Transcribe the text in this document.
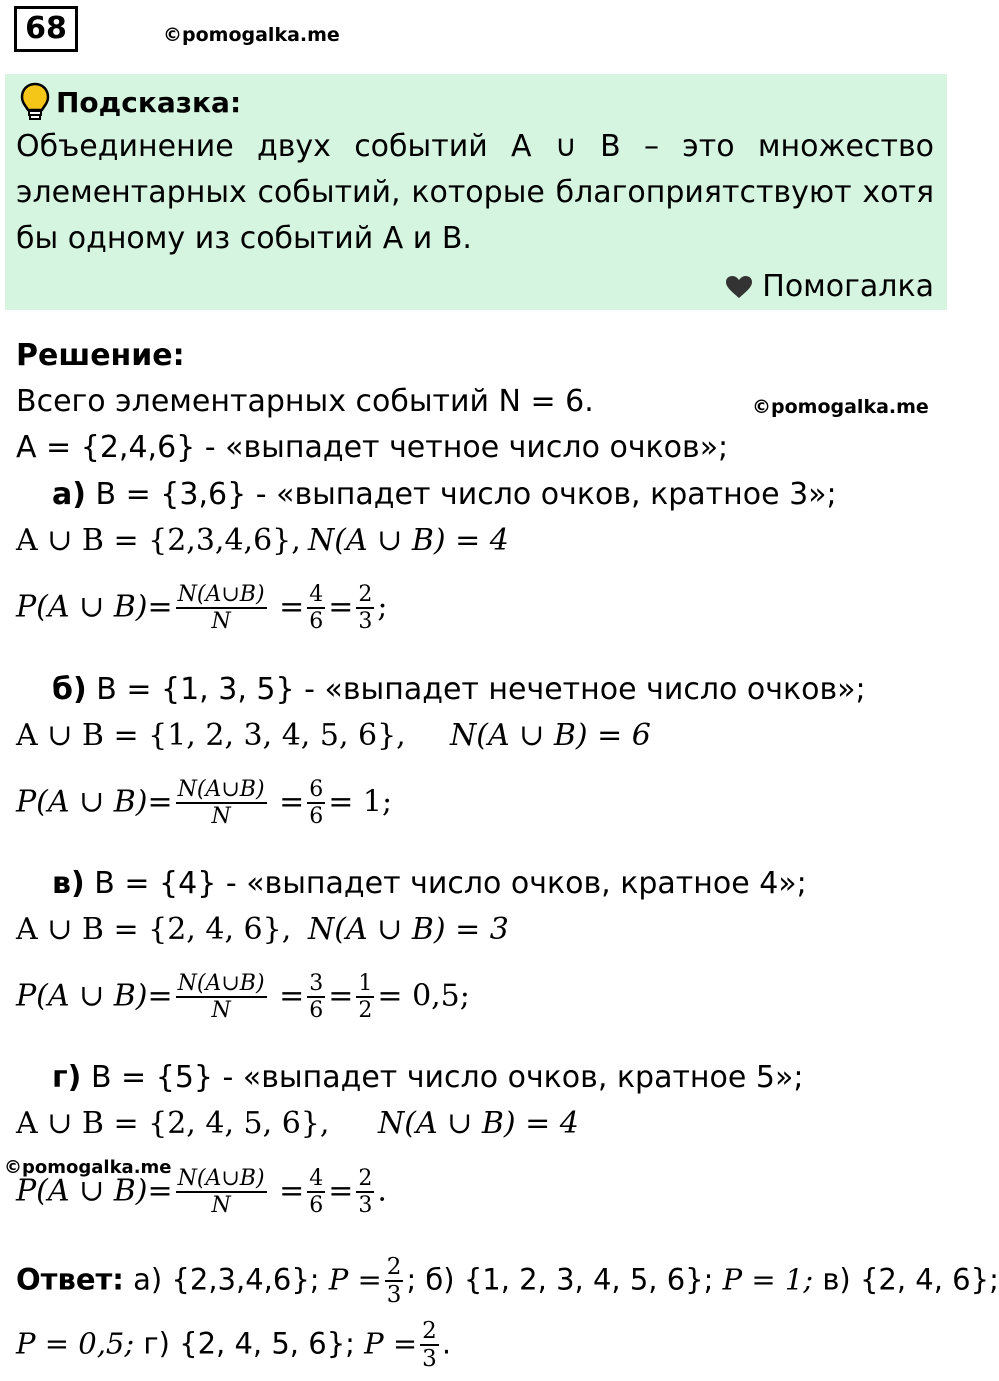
68	©pomogalka.me
Подсказка:
Объединение двух событий A ∪ B – это множество
элементарных событий, которые благоприятствуют хотя
бы одному из событий A и B.
Помогалка
Решение:
Всего элементарных событий N = 6.	©pomogalka.me
A = {2,4,6} - «выпадет четное число очков»;
а) B = {3,6} - «выпадет число очков, кратное 3»;
A ∪ B = {2,3,4,6}, N(A ∪ B) = 4
P(A ∪ $B)= \frac{N(A\cup B)}{N} = \frac{4}{6} = \frac{2}{3}$ ;
б) B = {1, 3, 5} - «выпадет нечетное число очков»;
A ∪ B = {1, 2, 3, 4, 5, 6}, N(A ∪ B) = 6
P(A ∪ $B)= \frac{N(A\cup B)}{N} = \frac{6}{6} = 1$;
в) B = {4} - «выпадет число очков, кратное 4»;
A ∪ B = {2, 4, 6}, N(A ∪ B) = 3
P(A ∪ $B)= \frac{N(A\cup B)}{N} = \frac{3}{6} = \frac{1}{2} = 0,5$;
г) B = {5} - «выпадет число очков, кратное 5»;
A ∪ B = {2, 4, 5, 6}, N(A ∪ B) = 4
©pomogalka.me
P(A ∪ $B)= \frac{N(A\cup B)}{N} = \frac{4}{6} = \frac{2}{3}$ .
Ответ: а) {2,3,4,6}; $P = \frac{2}{3}$ ; б) {1, 2, 3, 4, 5, 6}; P = 1; в) {2, 4, 6};
P = 0,5; г) {2, 4, 5, 6}; $P = \frac{2}{3}$ .
